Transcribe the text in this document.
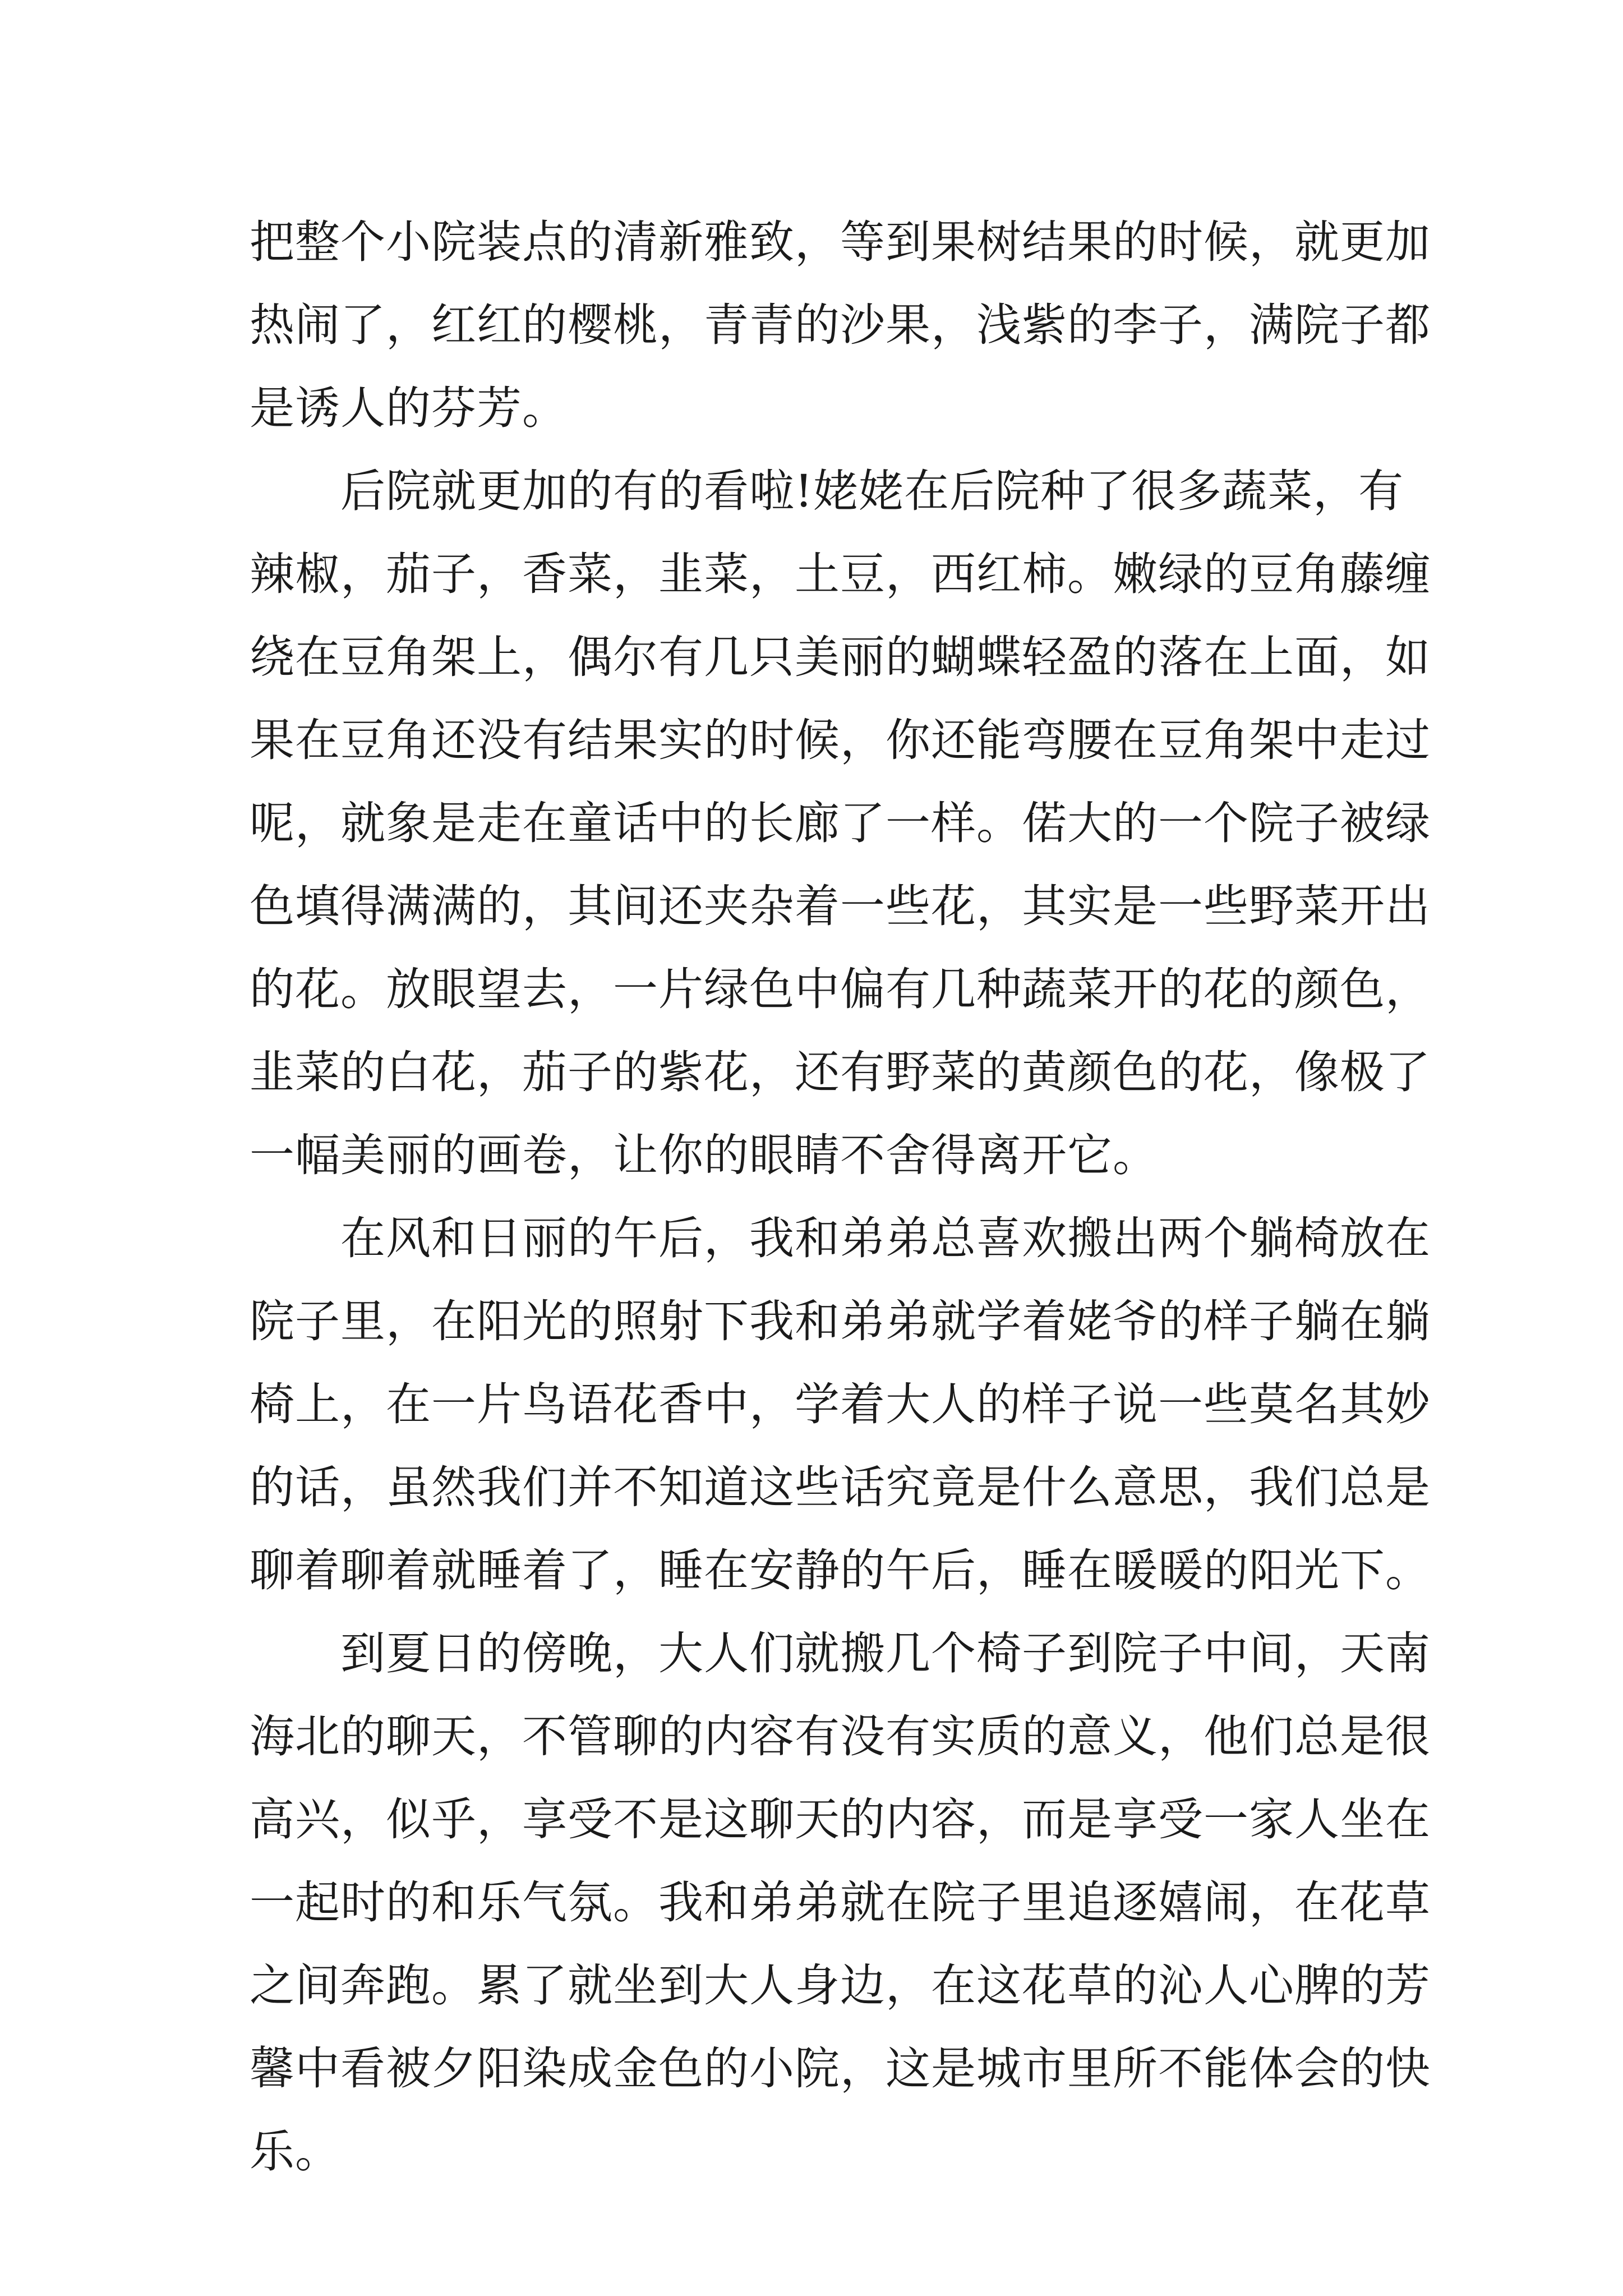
把整个小院装点的清新雅致，等到果树结果的时候，就更加
热闹了，红红的樱桃，青青的沙果，浅紫的李子，满院子都
是诱人的芬芳。
　　后院就更加的有的看啦!姥姥在后院种了很多蔬菜，有
辣椒，茄子，香菜，韭菜，土豆，西红柿。嫩绿的豆角藤缠
绕在豆角架上，偶尔有几只美丽的蝴蝶轻盈的落在上面，如
果在豆角还没有结果实的时候，你还能弯腰在豆角架中走过
呢，就象是走在童话中的长廊了一样。偌大的一个院子被绿
色填得满满的，其间还夹杂着一些花，其实是一些野菜开出
的花。放眼望去，一片绿色中偏有几种蔬菜开的花的颜色，
韭菜的白花，茄子的紫花，还有野菜的黄颜色的花，像极了
一幅美丽的画卷，让你的眼睛不舍得离开它。
　　在风和日丽的午后，我和弟弟总喜欢搬出两个躺椅放在
院子里，在阳光的照射下我和弟弟就学着姥爷的样子躺在躺
椅上，在一片鸟语花香中，学着大人的样子说一些莫名其妙
的话，虽然我们并不知道这些话究竟是什么意思，我们总是
聊着聊着就睡着了，睡在安静的午后，睡在暖暖的阳光下。
　　到夏日的傍晚，大人们就搬几个椅子到院子中间，天南
海北的聊天，不管聊的内容有没有实质的意义，他们总是很
高兴，似乎，享受不是这聊天的内容，而是享受一家人坐在
一起时的和乐气氛。我和弟弟就在院子里追逐嬉闹，在花草
之间奔跑。累了就坐到大人身边，在这花草的沁人心脾的芳
馨中看被夕阳染成金色的小院，这是城市里所不能体会的快
乐。
